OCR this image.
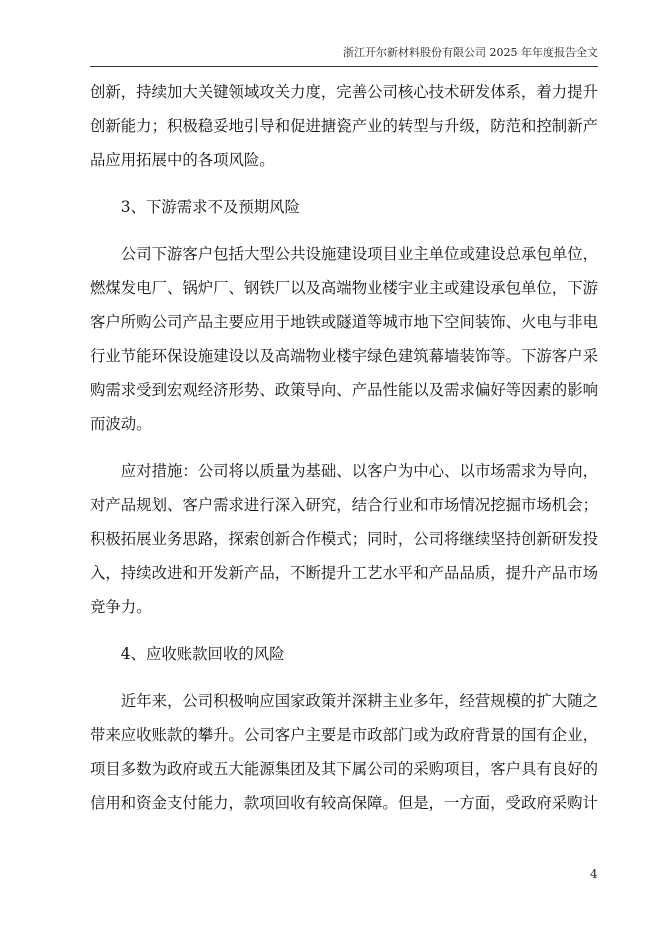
浙江开尔新材料股份有限公司 2025 年年度报告全文

创新，持续加大关键领域攻关力度，完善公司核心技术研发体系，着力提升创新能力；积极稳妥地引导和促进搪瓷产业的转型与升级，防范和控制新产品应用拓展中的各项风险。

3、下游需求不及预期风险

公司下游客户包括大型公共设施建设项目业主单位或建设总承包单位，燃煤发电厂、锅炉厂、钢铁厂以及高端物业楼宇业主或建设承包单位，下游客户所购公司产品主要应用于地铁或隧道等城市地下空间装饰、火电与非电行业节能环保设施建设以及高端物业楼宇绿色建筑幕墙装饰等。下游客户采购需求受到宏观经济形势、政策导向、产品性能以及需求偏好等因素的影响而波动。

应对措施：公司将以质量为基础、以客户为中心、以市场需求为导向，对产品规划、客户需求进行深入研究，结合行业和市场情况挖掘市场机会；积极拓展业务思路，探索创新合作模式；同时，公司将继续坚持创新研发投入，持续改进和开发新产品，不断提升工艺水平和产品品质，提升产品市场竞争力。

4、应收账款回收的风险

近年来，公司积极响应国家政策并深耕主业多年，经营规模的扩大随之带来应收账款的攀升。公司客户主要是市政部门或为政府背景的国有企业，项目多数为政府或五大能源集团及其下属公司的采购项目，客户具有良好的信用和资金支付能力，款项回收有较高保障。但是，一方面，受政府采购计

4
